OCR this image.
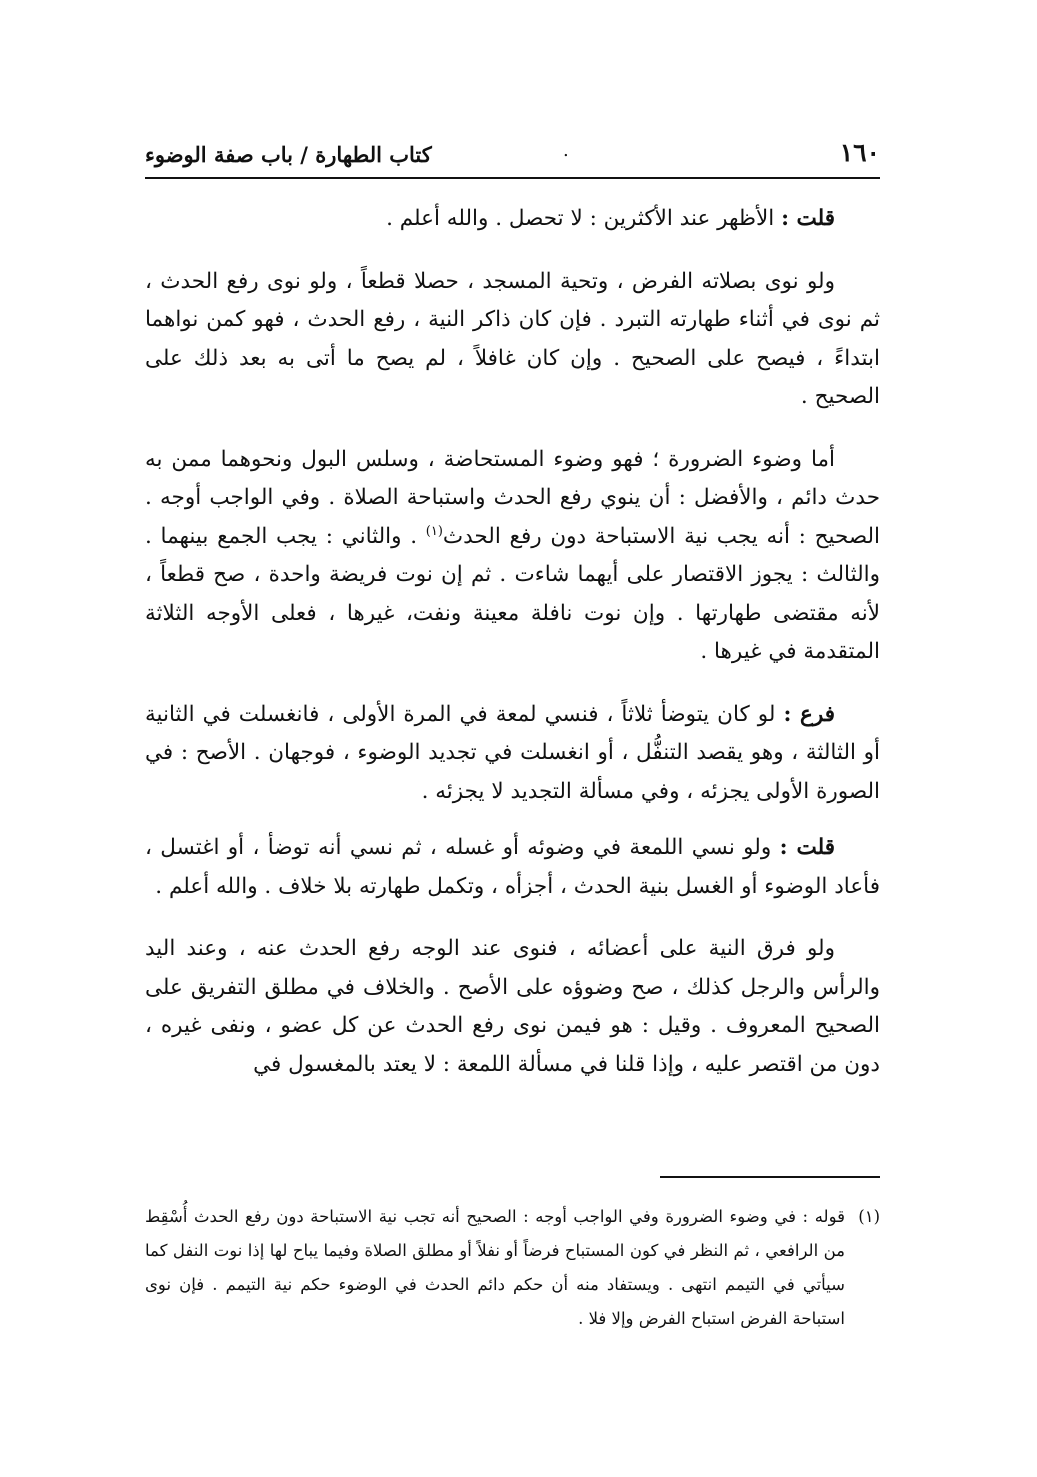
١٦٠
.
كتاب الطهارة / باب صفة الوضوء

قلت : الأظهر عند الأكثرين : لا تحصل . والله أعلم .

ولو نوى بصلاته الفرض ، وتحية المسجد ، حصلا قطعاً ، ولو نوى رفع الحدث ، ثم نوى في أثناء طهارته التبرد . فإن كان ذاكر النية ، رفع الحدث ، فهو كمن نواهما ابتداءً ، فيصح على الصحيح . وإن كان غافلاً ، لم يصح ما أتى به بعد ذلك على الصحيح .

أما وضوء الضرورة ؛ فهو وضوء المستحاضة ، وسلس البول ونحوهما ممن به حدث دائم ، والأفضل : أن ينوي رفع الحدث واستباحة الصلاة . وفي الواجب أوجه . الصحيح : أنه يجب نية الاستباحة دون رفع الحدث$^{(١)}$ . والثاني : يجب الجمع بينهما . والثالث : يجوز الاقتصار على أيهما شاءت . ثم إن نوت فريضة واحدة ، صح قطعاً ، لأنه مقتضى طهارتها . وإن نوت نافلة معينة ونفت، غيرها ، فعلى الأوجه الثلاثة المتقدمة في غيرها .

فرع : لو كان يتوضأ ثلاثاً ، فنسي لمعة في المرة الأولى ، فانغسلت في الثانية أو الثالثة ، وهو يقصد التنفُّل ، أو انغسلت في تجديد الوضوء ، فوجهان . الأصح : في الصورة الأولى يجزئه ، وفي مسألة التجديد لا يجزئه .

قلت : ولو نسي اللمعة في وضوئه أو غسله ، ثم نسي أنه توضأ ، أو اغتسل ، فأعاد الوضوء أو الغسل بنية الحدث ، أجزأه ، وتكمل طهارته بلا خلاف . والله أعلم .

ولو فرق النية على أعضائه ، فنوى عند الوجه رفع الحدث عنه ، وعند اليد والرأس والرجل كذلك ، صح وضوؤه على الأصح . والخلاف في مطلق التفريق على الصحيح المعروف . وقيل : هو فيمن نوى رفع الحدث عن كل عضو ، ونفى غيره ، دون من اقتصر عليه ، وإذا قلنا في مسألة اللمعة : لا يعتد بالمغسول في

(١)
قوله : في وضوء الضرورة وفي الواجب أوجه : الصحيح أنه تجب نية الاستباحة دون رفع الحدث أُسْقِط من الرافعي ، ثم النظر في كون المستباح فرضاً أو نفلاً أو مطلق الصلاة وفيما يباح لها إذا نوت النفل كما سيأتي في التيمم انتهى . ويستفاد منه أن حكم دائم الحدث في الوضوء حكم نية التيمم . فإن نوى استباحة الفرض استباح الفرض وإلا فلا .
